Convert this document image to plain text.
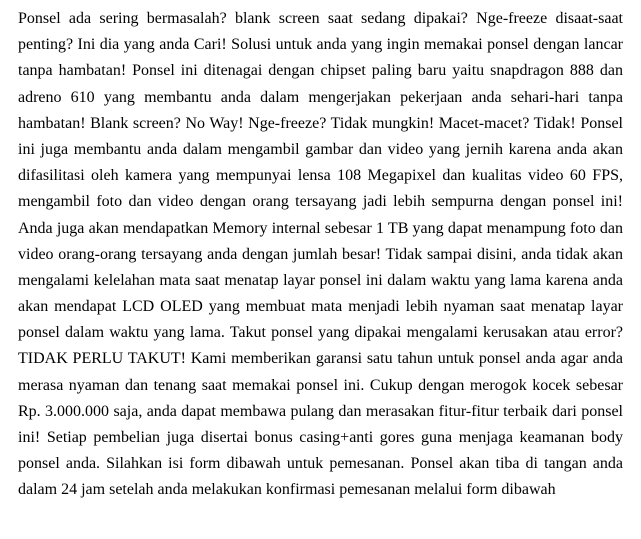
Ponsel ada sering bermasalah? blank screen saat sedang dipakai? Nge-freeze disaat-saat
penting? Ini dia yang anda Cari! Solusi untuk anda yang ingin memakai ponsel dengan lancar
tanpa hambatan! Ponsel ini ditenagai dengan chipset paling baru yaitu snapdragon 888 dan
adreno 610 yang membantu anda dalam mengerjakan pekerjaan anda sehari-hari tanpa
hambatan! Blank screen? No Way! Nge-freeze? Tidak mungkin! Macet-macet? Tidak! Ponsel
ini juga membantu anda dalam mengambil gambar dan video yang jernih karena anda akan
difasilitasi oleh kamera yang mempunyai lensa 108 Megapixel dan kualitas video 60 FPS,
mengambil foto dan video dengan orang tersayang jadi lebih sempurna dengan ponsel ini!
Anda juga akan mendapatkan Memory internal sebesar 1 TB yang dapat menampung foto dan
video orang-orang tersayang anda dengan jumlah besar! Tidak sampai disini, anda tidak akan
mengalami kelelahan mata saat menatap layar ponsel ini dalam waktu yang lama karena anda
akan mendapat LCD OLED yang membuat mata menjadi lebih nyaman saat menatap layar
ponsel dalam waktu yang lama. Takut ponsel yang dipakai mengalami kerusakan atau error?
TIDAK PERLU TAKUT! Kami memberikan garansi satu tahun untuk ponsel anda agar anda
merasa nyaman dan tenang saat memakai ponsel ini. Cukup dengan merogok kocek sebesar
Rp. 3.000.000 saja, anda dapat membawa pulang dan merasakan fitur-fitur terbaik dari ponsel
ini! Setiap pembelian juga disertai bonus casing+anti gores guna menjaga keamanan body
ponsel anda. Silahkan isi form dibawah untuk pemesanan. Ponsel akan tiba di tangan anda
dalam 24 jam setelah anda melakukan konfirmasi pemesanan melalui form dibawah
